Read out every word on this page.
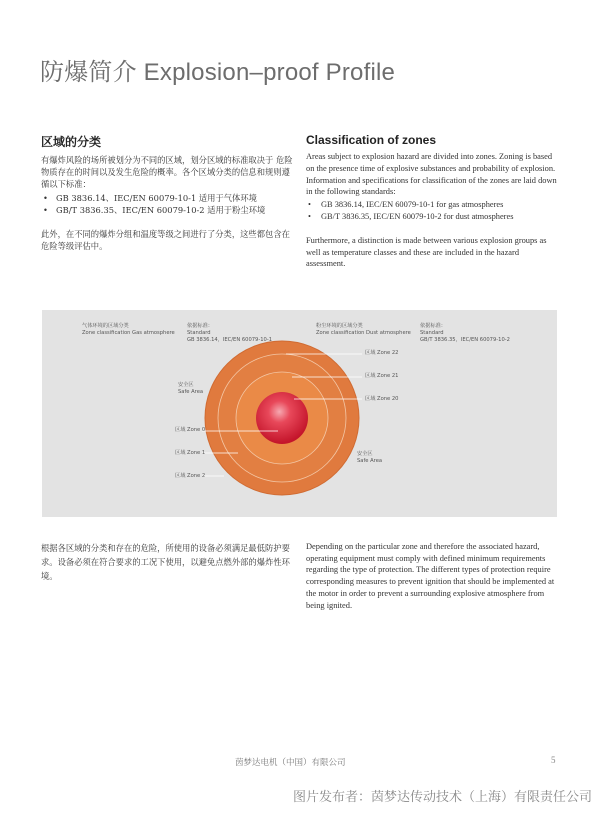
防爆简介 Explosion–proof Profile
区域的分类
有爆炸风险的场所被划分为不同的区域，划分区域的标准取决于 危险物质存在的时间以及发生危险的概率。各个区域分类的信息和规则遵循以下标准：
• GB 3836.14、IEC/EN 60079-10-1 适用于气体环境
• GB/T 3836.35、IEC/EN 60079-10-2 适用于粉尘环境
此外，在不同的爆炸分组和温度等级之间进行了分类，这些都包含在危险等级评估中。
Classification of zones
Areas subject to explosion hazard are divided into zones. Zoning is based on the presence time of explosive substances and probability of explosion. Information and specifications for classification of the zones are laid down in the following standards:
• GB 3836.14, IEC/EN 60079-10-1 for gas atmospheres
• GB/T 3836.35, IEC/EN 60079-10-2 for dust atmospheres
Furthermore, a distinction is made between various explosion groups as well as temperature classes and these are included in the hazard assessment.
气体环境的区域分类
Zone classification Gas atmosphere
依据标准：
Standard
GB 3836.14，IEC/EN 60079-10-1
粉尘环境的区域分类
Zone classification Dust atmosphere
依据标准：
Standard
GB/T 3836.35，IEC/EN 60079-10-2
安全区
Safe Area
安全区
Safe Area
区域 Zone 0
区域 Zone 1
区域 Zone 2
区域 Zone 22
区域 Zone 21
区域 Zone 20
根据各区域的分类和存在的危险，所使用的设备必须满足最低防护要求。设备必须在符合要求的工况下使用，以避免点燃外部的爆炸性环境。
Depending on the particular zone and therefore the associated hazard, operating equipment must comply with defined minimum requirements regarding the type of protection. The different types of protection require corresponding measures to prevent ignition that should be implemented at the motor in order to prevent a surrounding explosive atmosphere from being ignited.
茵梦达电机（中国）有限公司	5
图片发布者：茵梦达传动技术（上海）有限责任公司
